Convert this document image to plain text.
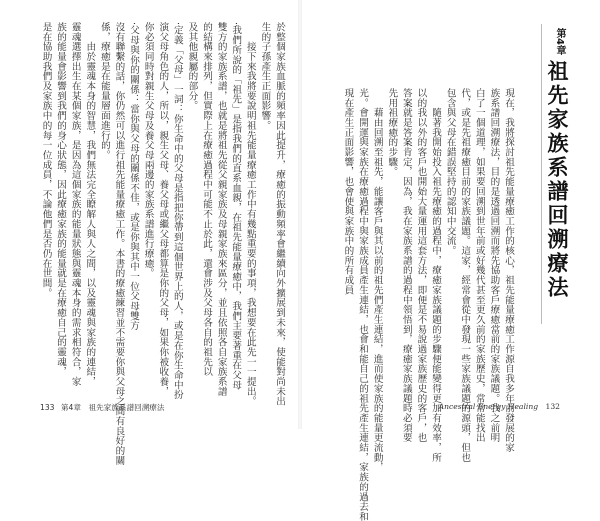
於整個家族血脈的頻率因此提升，療癒的振動頻率會繼續向外擴展到未來，使能對尚未出
生的子孫產生正面影響。
　　接下來我將要說明祖先能量療癒工作中有幾點重要的事項，我想要在此先一一提出。
‧我們所說的「祖先」是指我們的直系血親，在祖先能量療癒中，我們主要著重在父母
雙方的家族系譜，也就是將祖先從父親家族及母親家族來區分，並且依照各自家族系譜
的結構來排列，但實際上在療癒過程中可能不止於此，還會涉及父母各自的祖先以
及其他親屬的部分。
‧定義「父母」一詞：你生命中的父母是指把你帶到這個世界上的人，或是在你生命中扮
演父母角色的人，所以，親生父母、養父母或繼父母都算是你的父母，如果你被收養，
你必須同時對親生父母及養父母兩邊的家族系譜進行療癒。
‧父母與你的關係：當你與父母的關係不佳，或是你與其中一位父母雙方
沒有聯繫的話，你仍然可以進行祖先能量療癒工作。本書的療癒練習並不需要你與父母之間有良好的關
係，療癒是在能量層面進行的。
　　由於靈魂本身的智慧，我們無法完全瞭解人與人之間，以及靈魂與家族的連結，
靈魂選擇出生在某個家族，是因為這個家族的能量狀態與靈魂本身的需求相符合，家
族的能量會影響到我們的身心狀態，因此療癒家族的能量就是在療癒自己的靈魂，
是在協助我們及家族中的每一位成員，不論他們是否仍在世間。
133 第4章　祖先家族系譜回溯療法
第4章
祖先家族系譜回溯療法
現在，我將探討祖先能量療癒工作的核心，祖先能量療癒工作源自我多年前發展的家
族系譜回溯療法，目的是透過回溯而將先協助客戶療癒當前的家族議題。我之前明
白了一個道理，如果要回溯到世年前或好幾代甚至更久前的家族歷史，常常能找出
代，或是先祖療癒目前的家族議題。這家，經常會從中發現一些家族議題的源頭，但也
包含與父母在錯誤堅持的認知中交流。
　　隨著我開始投入祖先療癒的過程中，療癒家族議題的步驟便能變得更加有效率，所
以的我以外的客戶也開始大量運用這套方法，即便是不易說過家族歷史的客戶，也
答案就是答案肯定，因為，我在家族系譜的過程中領悟到，療癒家族議題時必須要
先用祖療癒的步驟。
　　藉由回溯至祖先，能讓客戶與其以前的祖先們產生連結，進而使家族的能量更流動，
光。會開運與家族在療癒過程中與家族成員產生連結，也會和能自己的祖先產生連結，家族的過去和
現在產生正面影響，也會使與家族中的所有成員
Ancestral Energy Healing 132
